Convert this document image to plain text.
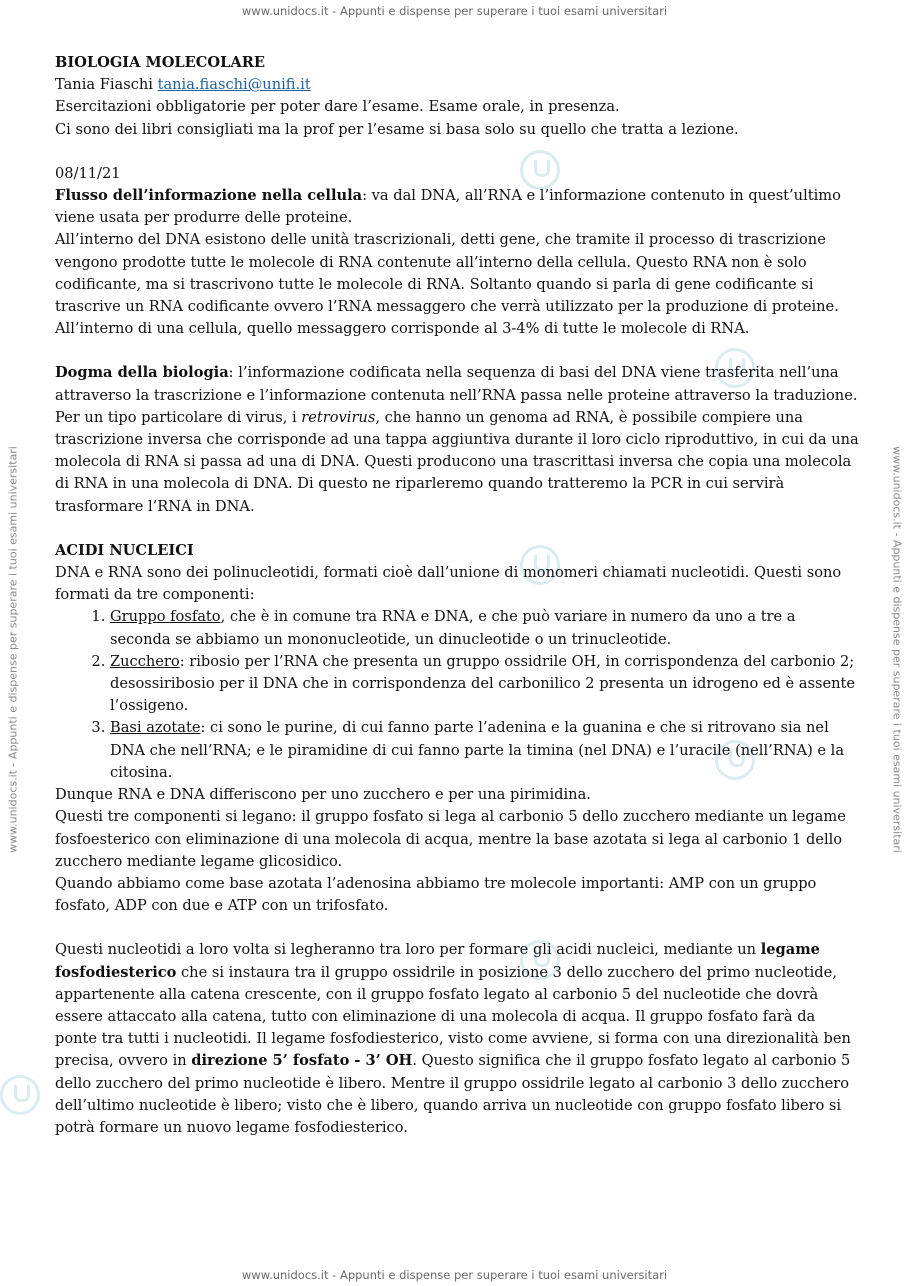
www.unidocs.it - Appunti e dispense per superare i tuoi esami universitari
www.unidocs.it - Appunti e dispense per superare i tuoi esami universitari	www.unidocs.it - Appunti e dispense per superare i tuoi esami universitari

BIOLOGIA MOLECOLARE

Tania Fiaschi tania.fiaschi@unifi.it

Esercitazioni obbligatorie per poter dare l’esame. Esame orale, in presenza.

Ci sono dei libri consigliati ma la prof per l’esame si basa solo su quello che tratta a lezione.

08/11/21

Flusso dell’informazione nella cellula: va dal DNA, all’RNA e l’informazione contenuto in quest’ultimo viene usata per produrre delle proteine.

All’interno del DNA esistono delle unità trascrizionali, detti gene, che tramite il processo di trascrizione vengono prodotte tutte le molecole di RNA contenute all’interno della cellula. Questo RNA non è solo codificante, ma si trascrivono tutte le molecole di RNA. Soltanto quando si parla di gene codificante si trascrive un RNA codificante ovvero l’RNA messaggero che verrà utilizzato per la produzione di proteine. All’interno di una cellula, quello messaggero corrisponde al 3-4% di tutte le molecole di RNA.

Dogma della biologia: l’informazione codificata nella sequenza di basi del DNA viene trasferita nell’una attraverso la trascrizione e l’informazione contenuta nell’RNA passa nelle proteine attraverso la traduzione.

Per un tipo particolare di virus, i retrovirus, che hanno un genoma ad RNA, è possibile compiere una trascrizione inversa che corrisponde ad una tappa aggiuntiva durante il loro ciclo riproduttivo, in cui da una molecola di RNA si passa ad una di DNA. Questi producono una trascrittasi inversa che copia una molecola di RNA in una molecola di DNA. Di questo ne riparleremo quando tratteremo la PCR in cui servirà trasformare l’RNA in DNA.

ACIDI NUCLEICI

DNA e RNA sono dei polinucleotidi, formati cioè dall’unione di monomeri chiamati nucleotidi. Questi sono formati da tre componenti:

1. Gruppo fosfato, che è in comune tra RNA e DNA, e che può variare in numero da uno a tre a seconda se abbiamo un mononucleotide, un dinucleotide o un trinucleotide.
2. Zucchero: ribosio per l’RNA che presenta un gruppo ossidrile OH, in corrispondenza del carbonio 2; desossiribosio per il DNA che in corrispondenza del carbonilico 2 presenta un idrogeno ed è assente l’ossigeno.
3. Basi azotate: ci sono le purine, di cui fanno parte l’adenina e la guanina e che si ritrovano sia nel DNA che nell’RNA; e le piramidine di cui fanno parte la timina (nel DNA) e l’uracile (nell’RNA) e la citosina.

Dunque RNA e DNA differiscono per uno zucchero e per una pirimidina.

Questi tre componenti si legano: il gruppo fosfato si lega al carbonio 5 dello zucchero mediante un legame fosfoesterico con eliminazione di una molecola di acqua, mentre la base azotata si lega al carbonio 1 dello zucchero mediante legame glicosidico.

Quando abbiamo come base azotata l’adenosina abbiamo tre molecole importanti: AMP con un gruppo fosfato, ADP con due e ATP con un trifosfato.

Questi nucleotidi a loro volta si legheranno tra loro per formare gli acidi nucleici, mediante un legame fosfodiesterico che si instaura tra il gruppo ossidrile in posizione 3 dello zucchero del primo nucleotide, appartenente alla catena crescente, con il gruppo fosfato legato al carbonio 5 del nucleotide che dovrà essere attaccato alla catena, tutto con eliminazione di una molecola di acqua. Il gruppo fosfato farà da ponte tra tutti i nucleotidi. Il legame fosfodiesterico, visto come avviene, si forma con una direzionalità ben precisa, ovvero in direzione 5’ fosfato - 3’ OH. Questo significa che il gruppo fosfato legato al carbonio 5 dello zucchero del primo nucleotide è libero. Mentre il gruppo ossidrile legato al carbonio 3 dello zucchero dell’ultimo nucleotide è libero; visto che è libero, quando arriva un nucleotide con gruppo fosfato libero si potrà formare un nuovo legame fosfodiesterico.

www.unidocs.it - Appunti e dispense per superare i tuoi esami universitari
